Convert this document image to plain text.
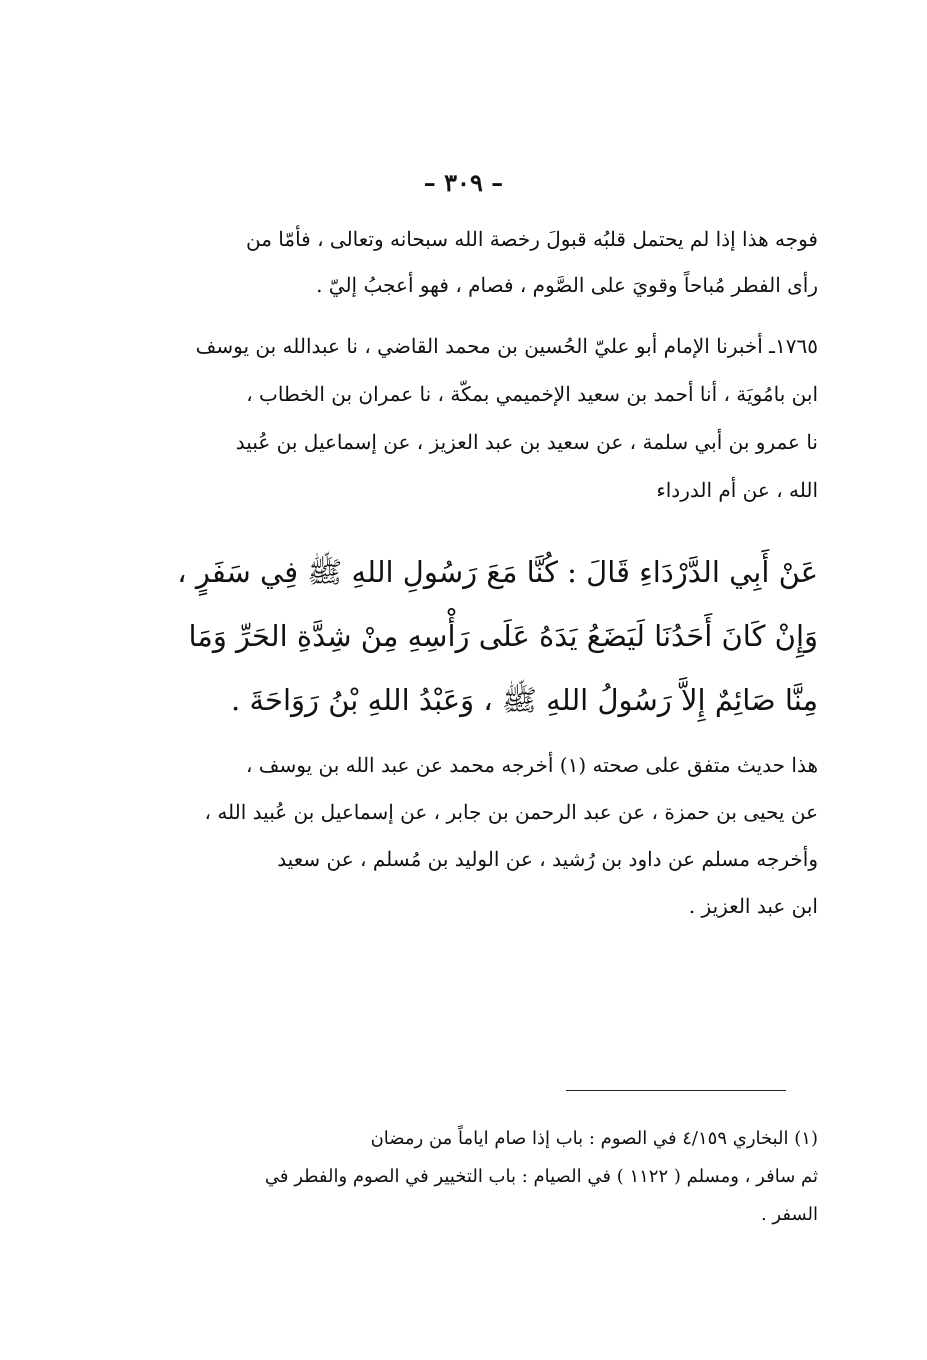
– ٣٠٩ –
فوجه هذا إذا لم يحتمل قلبُه قبولَ رخصة الله سبحانه وتعالى ، فأمّا من
رأى الفطر مُباحاً وقويَ على الصَّوم ، فصام ، فهو أعجبُ إليّ .
١٧٦٥ـ أخبرنا الإمام أبو عليّ الحُسين بن محمد القاضي ، نا عبدالله بن يوسف
ابن بامُويَة ، أنا أحمد بن سعيد الإخميمي بمكّة ، نا عمران بن الخطاب ،
نا عمرو بن أبي سلمة ، عن سعيد بن عبد العزيز ، عن إسماعيل بن عُبيد
الله ، عن أم الدرداء
عَنْ أَبِي الدَّرْدَاءِ قَالَ : كُنَّا مَعَ رَسُولِ اللهِ ﷺ فِي سَفَرٍ ،
وَإِنْ كَانَ أَحَدُنَا لَيَضَعُ يَدَهُ عَلَى رَأْسِهِ مِنْ شِدَّةِ الحَرِّ وَمَا
مِنَّا صَائِمٌ إِلاَّ رَسُولُ اللهِ ﷺ ، وَعَبْدُ اللهِ بْنُ رَوَاحَةَ .
هذا حديث متفق على صحته (١) أخرجه محمد عن عبد الله بن يوسف ،
عن يحيى بن حمزة ، عن عبد الرحمن بن جابر ، عن إسماعيل بن عُبيد الله ،
وأخرجه مسلم عن داود بن رُشيد ، عن الوليد بن مُسلم ، عن سعيد
ابن عبد العزيز .
(١) البخاري ٤/١٥٩ في الصوم : باب إذا صام اياماً من رمضان
ثم سافر ، ومسلم ( ١١٢٢ ) في الصيام : باب التخيير في الصوم والفطر في
السفر .
